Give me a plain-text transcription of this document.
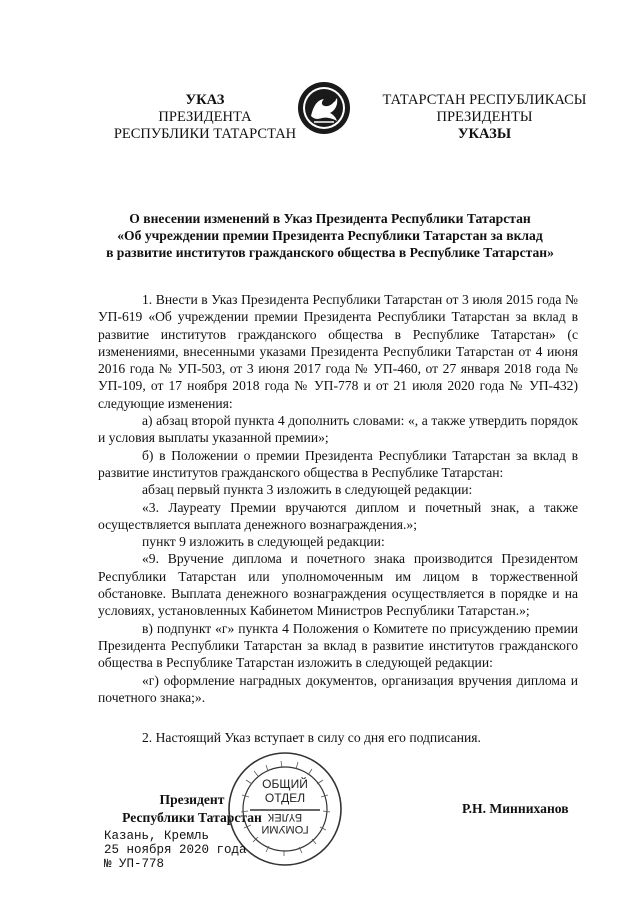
УКАЗ
ПРЕЗИДЕНТА
РЕСПУБЛИКИ ТАТАРСТАН
ТАТАРСТАН РЕСПУБЛИКАСЫ
ПРЕЗИДЕНТЫ
УКАЗЫ
О внесении изменений в Указ Президента Республики Татарстан
«Об учреждении премии Президента Республики Татарстан за вклад
в развитие институтов гражданского общества в Республике Татарстан»

1. Внести в Указ Президента Республики Татарстан от 3 июля 2015 года № УП-619 «Об учреждении премии Президента Республики Татарстан за вклад в развитие институтов гражданского общества в Республике Татарстан» (с изменениями, внесенными указами Президента Республики Татарстан от 4 июня 2016 года № УП-503, от 3 июня 2017 года № УП-460, от 27 января 2018 года № УП-109, от 17 ноября 2018 года № УП-778 и от 21 июля 2020 года № УП-432) следующие изменения:

а) абзац второй пункта 4 дополнить словами: «, а также утвердить порядок и условия выплаты указанной премии»;

б) в Положении о премии Президента Республики Татарстан за вклад в развитие институтов гражданского общества в Республике Татарстан:

абзац первый пункта 3 изложить в следующей редакции:

«3. Лауреату Премии вручаются диплом и почетный знак, а также осуществляется выплата денежного вознаграждения.»;

пункт 9 изложить в следующей редакции:

«9. Вручение диплома и почетного знака производится Президентом Республики Татарстан или уполномоченным им лицом в торжественной обстановке. Выплата денежного вознаграждения осуществляется в порядке и на условиях, установленных Кабинетом Министров Республики Татарстан.»;

в) подпункт «г» пункта 4 Положения о Комитете по присуждению премии Президента Республики Татарстан за вклад в развитие институтов гражданского общества в Республике Татарстан изложить в следующей редакции:

«г) оформление наградных документов, организация вручения диплома и почетного знака;».

2. Настоящий Указ вступает в силу со дня его подписания.

Президент
Республики Татарстан
ОБЩИЙ
ОТДЕЛ
ГОМУМИ
БҮЛЕК
Р.Н. Минниханов
Казань, Кремль
25 ноября 2020 года
№ УП-778
